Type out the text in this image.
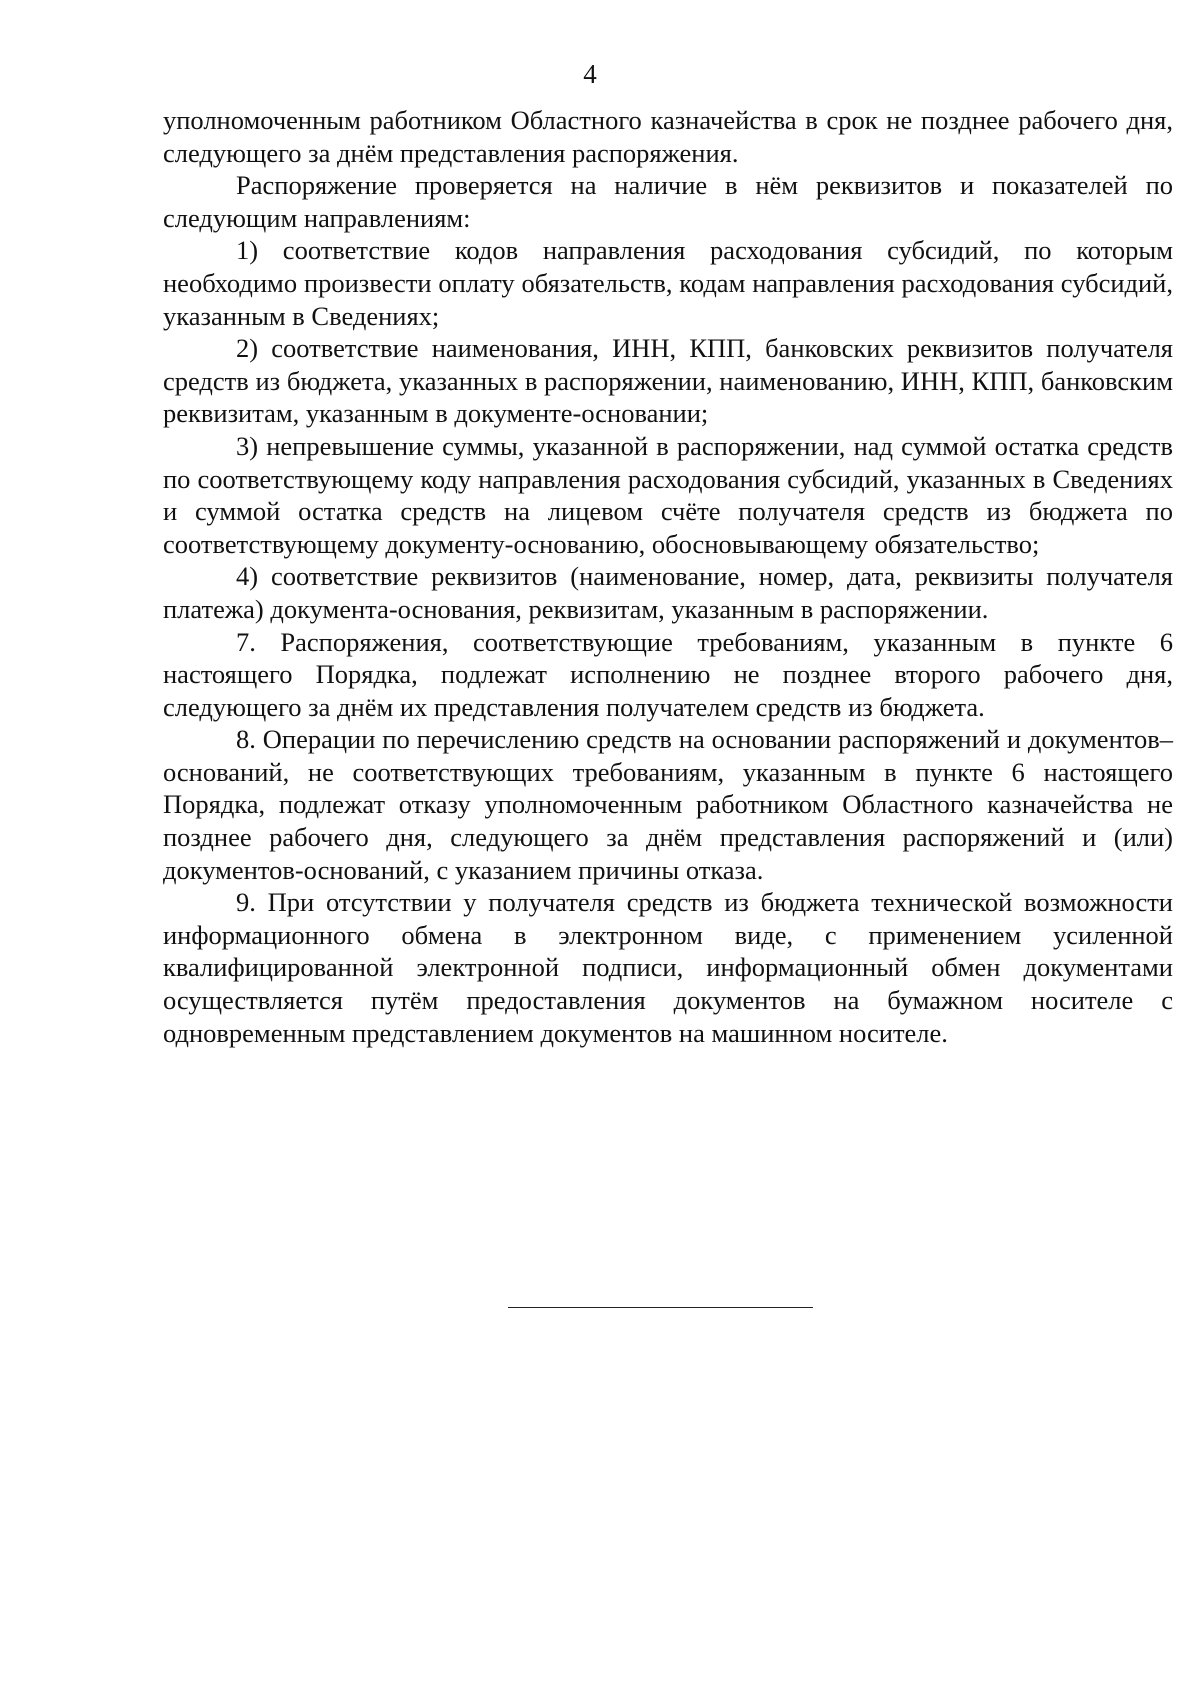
4

уполномоченным работником Областного казначейства в срок не позднее рабочего дня, следующего за днём представления распоряжения.

Распоряжение проверяется на наличие в нём реквизитов и показателей по следующим направлениям:

1) соответствие кодов направления расходования субсидий, по которым необходимо произвести оплату обязательств, кодам направления расходования субсидий, указанным в Сведениях;

2) соответствие наименования, ИНН, КПП, банковских реквизитов получателя средств из бюджета, указанных в распоряжении, наименованию, ИНН, КПП, банковским реквизитам, указанным в документе-основании;

3) непревышение суммы, указанной в распоряжении, над суммой остатка средств по соответствующему коду направления расходования субсидий, указанных в Сведениях и суммой остатка средств на лицевом счёте получателя средств из бюджета по соответствующему документу-основанию, обосновывающему обязательство;

4) соответствие реквизитов (наименование, номер, дата, реквизиты получателя платежа) документа-основания, реквизитам, указанным в распоряжении.

7. Распоряжения, соответствующие требованиям, указанным в пункте 6 настоящего Порядка, подлежат исполнению не позднее второго рабочего дня, следующего за днём их представления получателем средств из бюджета.

8. Операции по перечислению средств на основании распоряжений и документов–оснований, не соответствующих требованиям, указанным в пункте 6 настоящего Порядка, подлежат отказу уполномоченным работником Областного казначейства не позднее рабочего дня, следующего за днём представления распоряжений и (или) документов-оснований, с указанием причины отказа.

9. При отсутствии у получателя средств из бюджета технической возможности информационного обмена в электронном виде, с применением усиленной квалифицированной электронной подписи, информационный обмен документами осуществляется путём предоставления документов на бумажном носителе с одновременным представлением документов на машинном носителе.
